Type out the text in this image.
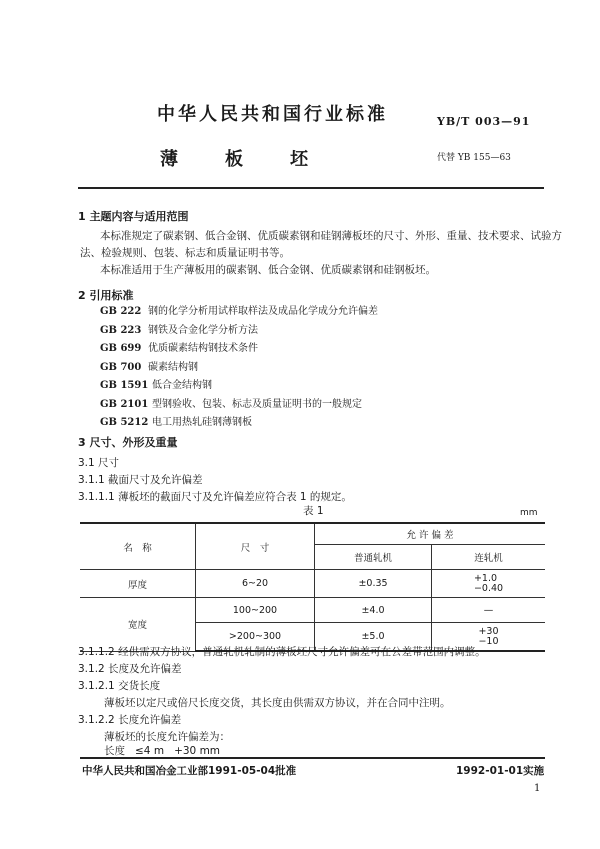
中华人民共和国行业标准	YB/T 003—91
薄	板	坯	代替 YB 155—63
1 主题内容与适用范围
本标准规定了碳素钢、低合金钢、优质碳素钢和硅钢薄板坯的尺寸、外形、重量、技术要求、试验方
法、检验规则、包装、标志和质量证明书等。
本标准适用于生产薄板用的碳素钢、低合金钢、优质碳素钢和硅钢板坯。
2 引用标准
GB 222 钢的化学分析用试样取样法及成品化学成分允许偏差
GB 223 钢铁及合金化学分析方法
GB 699 优质碳素结构钢技术条件
GB 700 碳素结构钢
GB 1591 低合金结构钢
GB 2101 型钢验收、包装、标志及质量证明书的一般规定
GB 5212 电工用热轧硅钢薄钢板
3 尺寸、外形及重量
3.1 尺寸
3.1.1 截面尺寸及允许偏差
3.1.1.1 薄板坯的截面尺寸及允许偏差应符合表 1 的规定。
表 1	mm
名　称	尺　寸	允 许 偏 差	
		普通轧机	连轧机
厚度	6~20	±0.35	+1.0
−0.40
宽度	100~200	±4.0	—
	>200~300	±5.0	+30
−10
3.1.1.2 经供需双方协议，普通轧机轧制的薄板坯尺寸允许偏差可在公差带范围内调整。
3.1.2 长度及允许偏差
3.1.2.1 交货长度
薄板坯以定尺或倍尺长度交货，其长度由供需双方协议，并在合同中注明。
3.1.2.2 长度允许偏差
薄板坯的长度允许偏差为：
长度   ≤4 m   +30 mm
中华人民共和国冶金工业部1991-05-04批准	1992-01-01实施
1
